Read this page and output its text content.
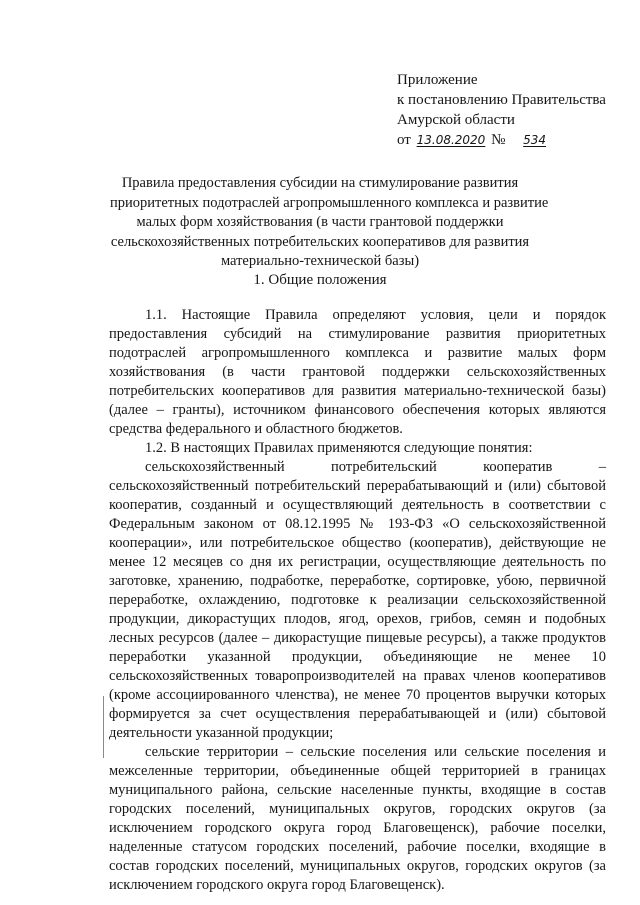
Приложение
к постановлению Правительства
Амурской области
от 13.08.2020 № 534
Правила предоставления субсидии на стимулирование развития
приоритетных подотраслей агропромышленного комплекса и развитие
малых форм хозяйствования (в части грантовой поддержки
сельскохозяйственных потребительских кооперативов для развития
материально-технической базы)
1. Общие положения
1.1. Настоящие Правила определяют условия, цели и порядок
предоставления субсидий на стимулирование развития приоритетных
подотраслей агропромышленного комплекса и развитие малых форм
хозяйствования (в части грантовой поддержки сельскохозяйственных
потребительских кооперативов для развития материально-технической базы)
(далее – гранты), источником финансового обеспечения которых являются
средства федерального и областного бюджетов.
1.2. В настоящих Правилах применяются следующие понятия:
сельскохозяйственный потребительский кооператив –
сельскохозяйственный потребительский перерабатывающий и (или) сбытовой
кооператив, созданный и осуществляющий деятельность в соответствии с
Федеральным законом от 08.12.1995 № 193-ФЗ «О сельскохозяйственной
кооперации», или потребительское общество (кооператив), действующие не
менее 12 месяцев со дня их регистрации, осуществляющие деятельность по
заготовке, хранению, подработке, переработке, сортировке, убою, первичной
переработке, охлаждению, подготовке к реализации сельскохозяйственной
продукции, дикорастущих плодов, ягод, орехов, грибов, семян и подобных
лесных ресурсов (далее – дикорастущие пищевые ресурсы), а также продуктов
переработки указанной продукции, объединяющие не менее 10
сельскохозяйственных товаропроизводителей на правах членов кооперативов
(кроме ассоциированного членства), не менее 70 процентов выручки которых
формируется за счет осуществления перерабатывающей и (или) сбытовой
деятельности указанной продукции;
сельские территории – сельские поселения или сельские поселения и
межселенные территории, объединенные общей территорией в границах
муниципального района, сельские населенные пункты, входящие в состав
городских поселений, муниципальных округов, городских округов (за
исключением городского округа город Благовещенск), рабочие поселки,
наделенные статусом городских поселений, рабочие поселки, входящие в
состав городских поселений, муниципальных округов, городских округов (за
исключением городского округа город Благовещенск).
